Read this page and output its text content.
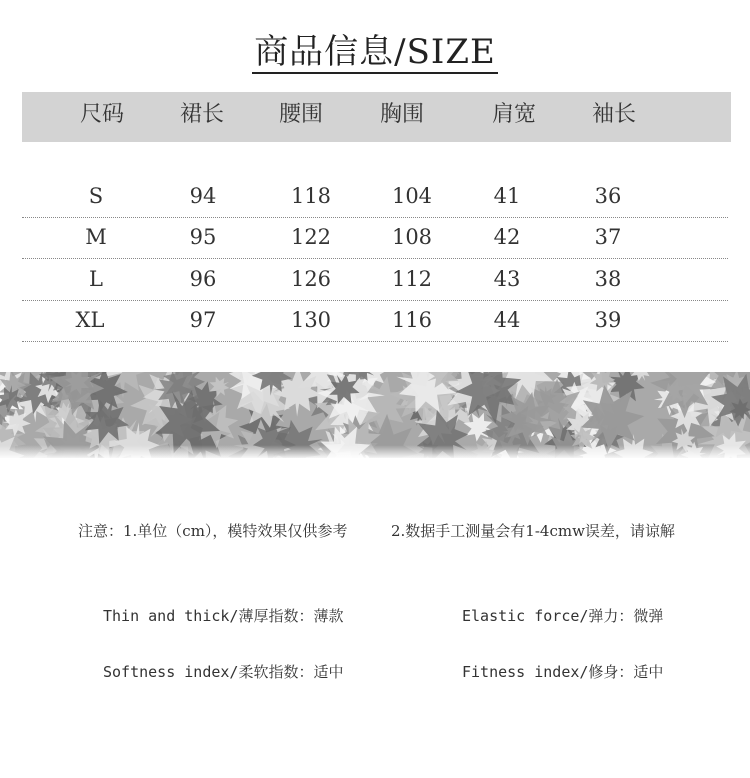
商品信息/SIZE
尺码	裙长	腰围	胸围	肩宽	袖长
S	94	118	104	41	36
M	95	122	108	42	37
L	96	126	112	43	38
XL	97	130	116	44	39
注意：1.单位（cm），模特效果仅供参考	2.数据手工测量会有1-4cmw误差，请谅解
Thin and thick/薄厚指数：薄款	Elastic force/弹力：微弹
Softness index/柔软指数：适中	Fitness index/修身：适中
